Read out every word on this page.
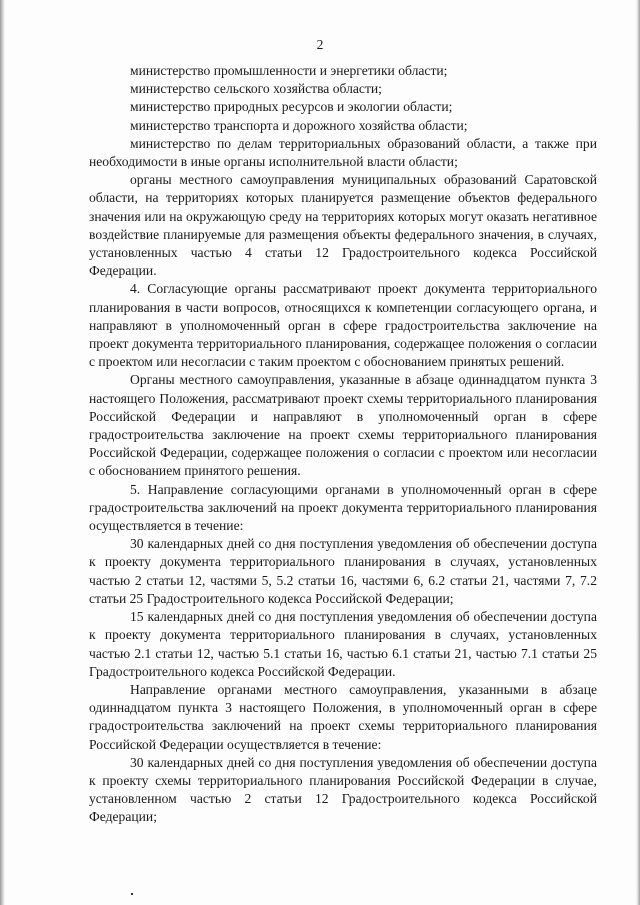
2

министерство промышленности и энергетики области;

министерство сельского хозяйства области;

министерство природных ресурсов и экологии области;

министерство транспорта и дорожного хозяйства области;

министерство по делам территориальных образований области, а также при необходимости в иные органы исполнительной власти области;

органы местного самоуправления муниципальных образований Саратовской области, на территориях которых планируется размещение объектов федерального значения или на окружающую среду на территориях которых могут оказать негативное воздействие планируемые для размещения объекты федерального значения, в случаях, установленных частью 4 статьи 12 Градостроительного кодекса Российской Федерации.

4. Согласующие органы рассматривают проект документа территориального планирования в части вопросов, относящихся к компетенции согласующего органа, и направляют в уполномоченный орган в сфере градостроительства заключение на проект документа территориального планирования, содержащее положения о согласии с проектом или несогласии с таким проектом с обоснованием принятых решений.

Органы местного самоуправления, указанные в абзаце одиннадцатом пункта 3 настоящего Положения, рассматривают проект схемы территориального планирования Российской Федерации и направляют в уполномоченный орган в сфере градостроительства заключение на проект схемы территориального планирования Российской Федерации, содержащее положения о согласии с проектом или несогласии с обоснованием принятого решения.

5. Направление согласующими органами в уполномоченный орган в сфере градостроительства заключений на проект документа территориального планирования осуществляется в течение:

30 календарных дней со дня поступления уведомления об обеспечении доступа к проекту документа территориального планирования в случаях, установленных частью 2 статьи 12, частями 5, 5.2 статьи 16, частями 6, 6.2 статьи 21, частями 7, 7.2 статьи 25 Градостроительного кодекса Российской Федерации;

15 календарных дней со дня поступления уведомления об обеспечении доступа к проекту документа территориального планирования в случаях, установленных частью 2.1 статьи 12, частью 5.1 статьи 16, частью 6.1 статьи 21, частью 7.1 статьи 25 Градостроительного кодекса Российской Федерации.

Направление органами местного самоуправления, указанными в абзаце одиннадцатом пункта 3 настоящего Положения, в уполномоченный орган в сфере градостроительства заключений на проект схемы территориального планирования Российской Федерации осуществляется в течение:

30 календарных дней со дня поступления уведомления об обеспечении доступа к проекту схемы территориального планирования Российской Федерации в случае, установленном частью 2 статьи 12 Градостроительного кодекса Российской Федерации;
